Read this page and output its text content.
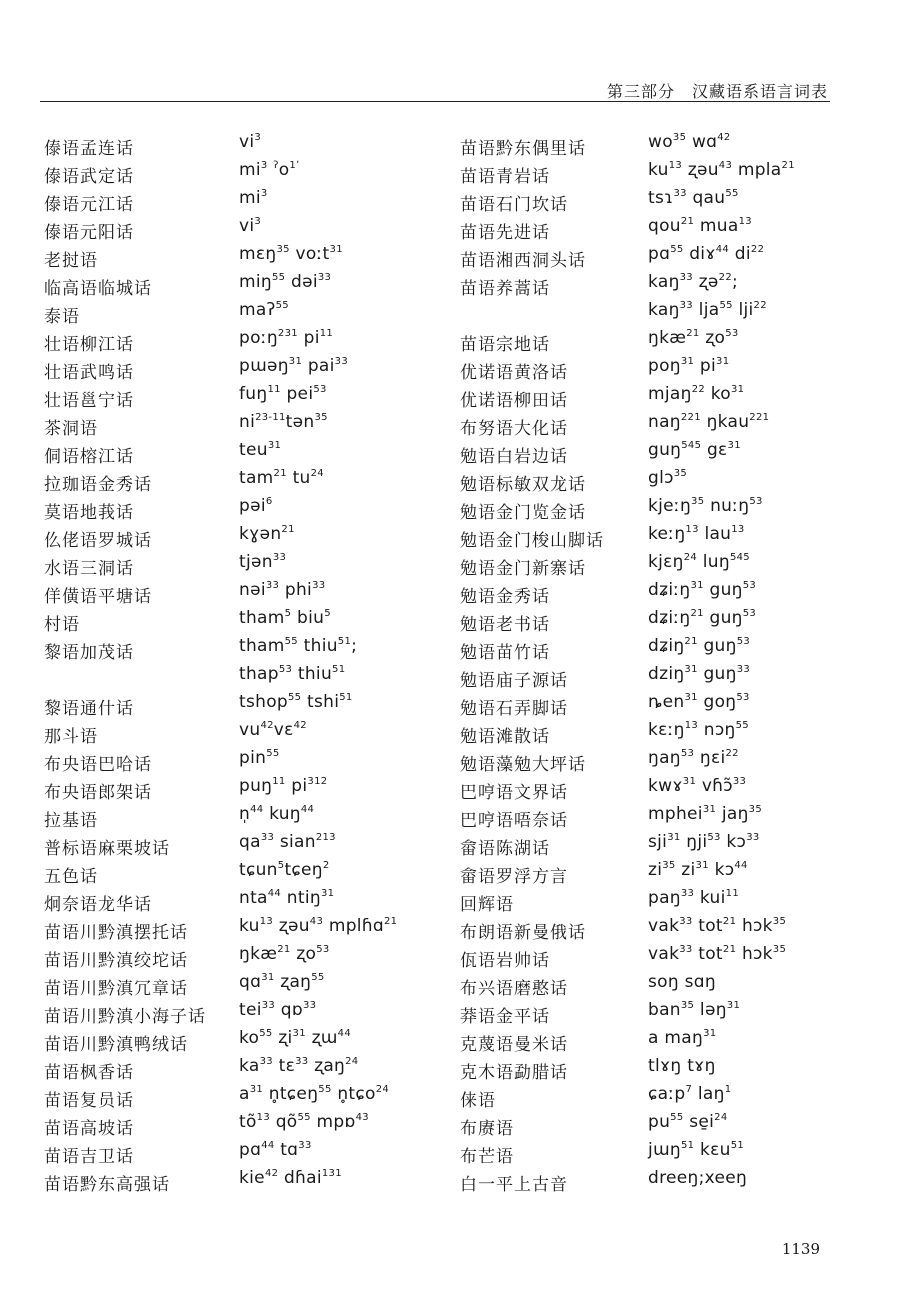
第三部分　汉藏语系语言词表
傣语孟连话	$vi^3$
傣语武定话	$mi^3$ $^ʔo^{1ʼ}$
傣语元江话	$mi^3$
傣语元阳话	$vi^3$
老挝语	mɛŋ$^{35}$ voːt$^{31}$
临高语临城话	miŋ$^{55}$ dəi$^{33}$
泰语	maʔ$^{55}$
壮语柳江话	poːŋ$^{231}$ $pi^{11}$
壮语武鸣话	pɯəŋ$^{31}$ pai$^{33}$
壮语邕宁话	fuŋ$^{11}$ pei$^{53}$
茶洞语	$ni^{23-11}tən^{35}$
侗语榕江话	teu$^{31}$
拉珈语金秀话	tam$^{21}$ $tu^{24}$
莫语地莪话	pəi$^6$
仫佬语罗城话	kɣən$^{21}$
水语三洞话	tjən$^{33}$
佯僙语平塘话	nəi$^{33}$ phi$^{33}$
村语	tham$^5$ biu$^5$
黎语加茂话	tham$^{55}$ thiu$^{51}$;
thap$^{53}$ thiu$^{51}$
黎语通什话	tshop$^{55}$ tshi$^{51}$
那斗语	$vu^{42}vɛ^{42}$
布央语巴哈话	pin$^{55}$
布央语郎架话	puŋ$^{11}$ $pi^{312}$
拉基语	n̩$^{44}$ kuŋ$^{44}$
普标语麻栗坡话	$qa^{33}$ sian$^{213}$
五色话	tɕun$^5$tɕeŋ$^2$
炯奈语龙华话	nta$^{44}$ ntiŋ$^{31}$
苗语川黔滇摆托话	$ku^{13}$ ʐəu$^{43}$ mplɦɑ$^{21}$
苗语川黔滇绞坨话	ŋkæ$^{21}$ ʐo$^{53}$
苗语川黔滇冗章话	qɑ$^{31}$ ʐaŋ$^{55}$
苗语川黔滇小海子话 tei$^{33}$ qɒ$^{33}$
苗语川黔滇鸭绒话	$ko^{55}$ ʐi$^{31}$ ʐɯ$^{44}$
苗语枫香话	$ka^{33}$ tɛ$^{33}$ ʐaŋ$^{24}$
苗语复员话	$a^{31}$ n̥tɕeŋ$^{55}$ n̥tɕo$^{24}$
苗语高坡话	$tõ^{13}$ $qõ^{55}$ mpɒ$^{43}$
苗语吉卫话	pɑ$^{44}$ tɑ$^{33}$
苗语黔东高强话	kie$^{42}$ dɦai$^{131}$
苗语黔东偶里话	$wo^{35}$ wɑ$^{42}$
苗语青岩话	$ku^{13}$ ʐəu$^{43}$ mpla$^{21}$
苗语石门坎话	tsɿ$^{33}$ qau$^{55}$
苗语先进话	qou$^{21}$ mua$^{13}$
苗语湘西洞头话	pɑ$^{55}$ diɤ$^{44}$ $di^{22}$
苗语养蒿话	kaŋ$^{33}$ ʐə$^{22}$;
kaŋ$^{33}$ lja$^{55}$ lji$^{22}$
苗语宗地话	ŋkæ$^{21}$ ʐo$^{53}$
优诺语黄洛话	poŋ$^{31}$ $pi^{31}$
优诺语柳田话	mjaŋ$^{22}$ $ko^{31}$
布努语大化话	naŋ$^{221}$ ŋkau$^{221}$
勉语白岩边话	guŋ$^{545}$ gɛ$^{31}$
勉语标敏双龙话	glɔ$^{35}$
勉语金门览金话	kjeːŋ$^{35}$ nuːŋ$^{53}$
勉语金门梭山脚话	keːŋ$^{13}$ lau$^{13}$
勉语金门新寨话	kjɛŋ$^{24}$ luŋ$^{545}$
勉语金秀话	dʑiːŋ$^{31}$ guŋ$^{53}$
勉语老书话	dʑiːŋ$^{21}$ guŋ$^{53}$
勉语苗竹话	dʑiŋ$^{21}$ guŋ$^{53}$
勉语庙子源话	dziŋ$^{31}$ guŋ$^{33}$
勉语石弄脚话	ȵen$^{31}$ goŋ$^{53}$
勉语滩散话	kɛːŋ$^{13}$ nɔŋ$^{55}$
勉语藻勉大坪话	ŋaŋ$^{53}$ ŋɛi$^{22}$
巴哼语文界话	kwɤ$^{31}$ vɦɔ̃$^{33}$
巴哼语唔奈话	mphei$^{31}$ jaŋ$^{35}$
畲语陈湖话	sji$^{31}$ ŋji$^{53}$ kɔ$^{33}$
畲语罗浮方言	$zi^{35}$ $zi^{31}$ kɔ$^{44}$
回辉语	paŋ$^{33}$ kui$^{11}$
布朗语新曼俄话	vak$^{33}$ tot$^{21}$ hɔk$^{35}$
佤语岩帅话	vak$^{33}$ tot$^{21}$ hɔk$^{35}$
布兴语磨憨话	soŋ sɑŋ
莽语金平话	ban$^{35}$ ləŋ$^{31}$
克蔑语曼米话	a maŋ$^{31}$
克木语勐腊话	tlɤŋ tɤŋ
俫语	ɕaːp$^7$ laŋ$^1$
布赓语	$pu^{55}$ $se̱i^{24}$
布芒语	jɯŋ$^{51}$ kɛu$^{51}$
白一平上古音	dreeŋ;xeeŋ
1139
